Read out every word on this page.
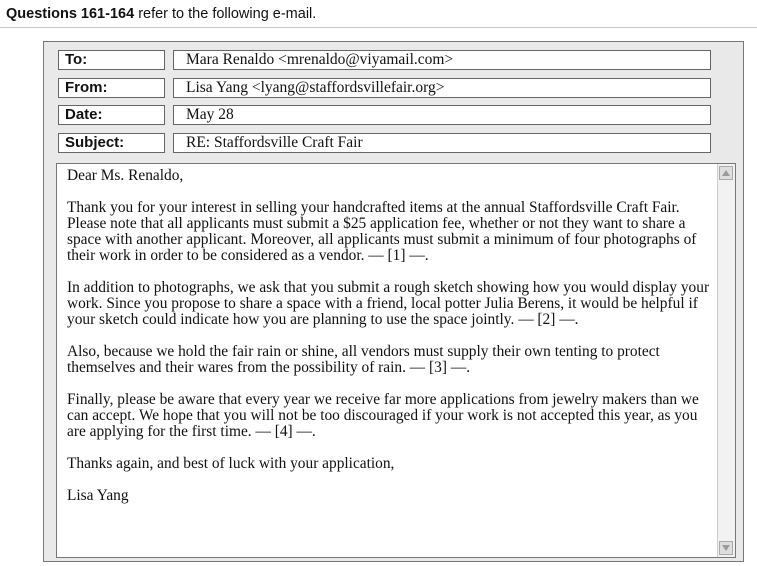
Questions 161-164 refer to the following e-mail.
To:	Mara Renaldo <mrenaldo@viyamail.com>
From:	Lisa Yang <lyang@staffordsvillefair.org>
Date:	May 28
Subject:	RE: Staffordsville Craft Fair

Dear Ms. Renaldo,

Thank you for your interest in selling your handcrafted items at the annual Staffordsville Craft Fair. Please note that all applicants must submit a $25 application fee, whether or not they want to share a space with another applicant. Moreover, all applicants must submit a minimum of four photographs of their work in order to be considered as a vendor. — [1] —.

In addition to photographs, we ask that you submit a rough sketch showing how you would display your work. Since you propose to share a space with a friend, local potter Julia Berens, it would be helpful if your sketch could indicate how you are planning to use the space jointly. — [2] —.

Also, because we hold the fair rain or shine, all vendors must supply their own tenting to protect themselves and their wares from the possibility of rain. — [3] —.

Finally, please be aware that every year we receive far more applications from jewelry makers than we can accept. We hope that you will not be too discouraged if your work is not accepted this year, as you are applying for the first time. — [4] —.

Thanks again, and best of luck with your application,

Lisa Yang
